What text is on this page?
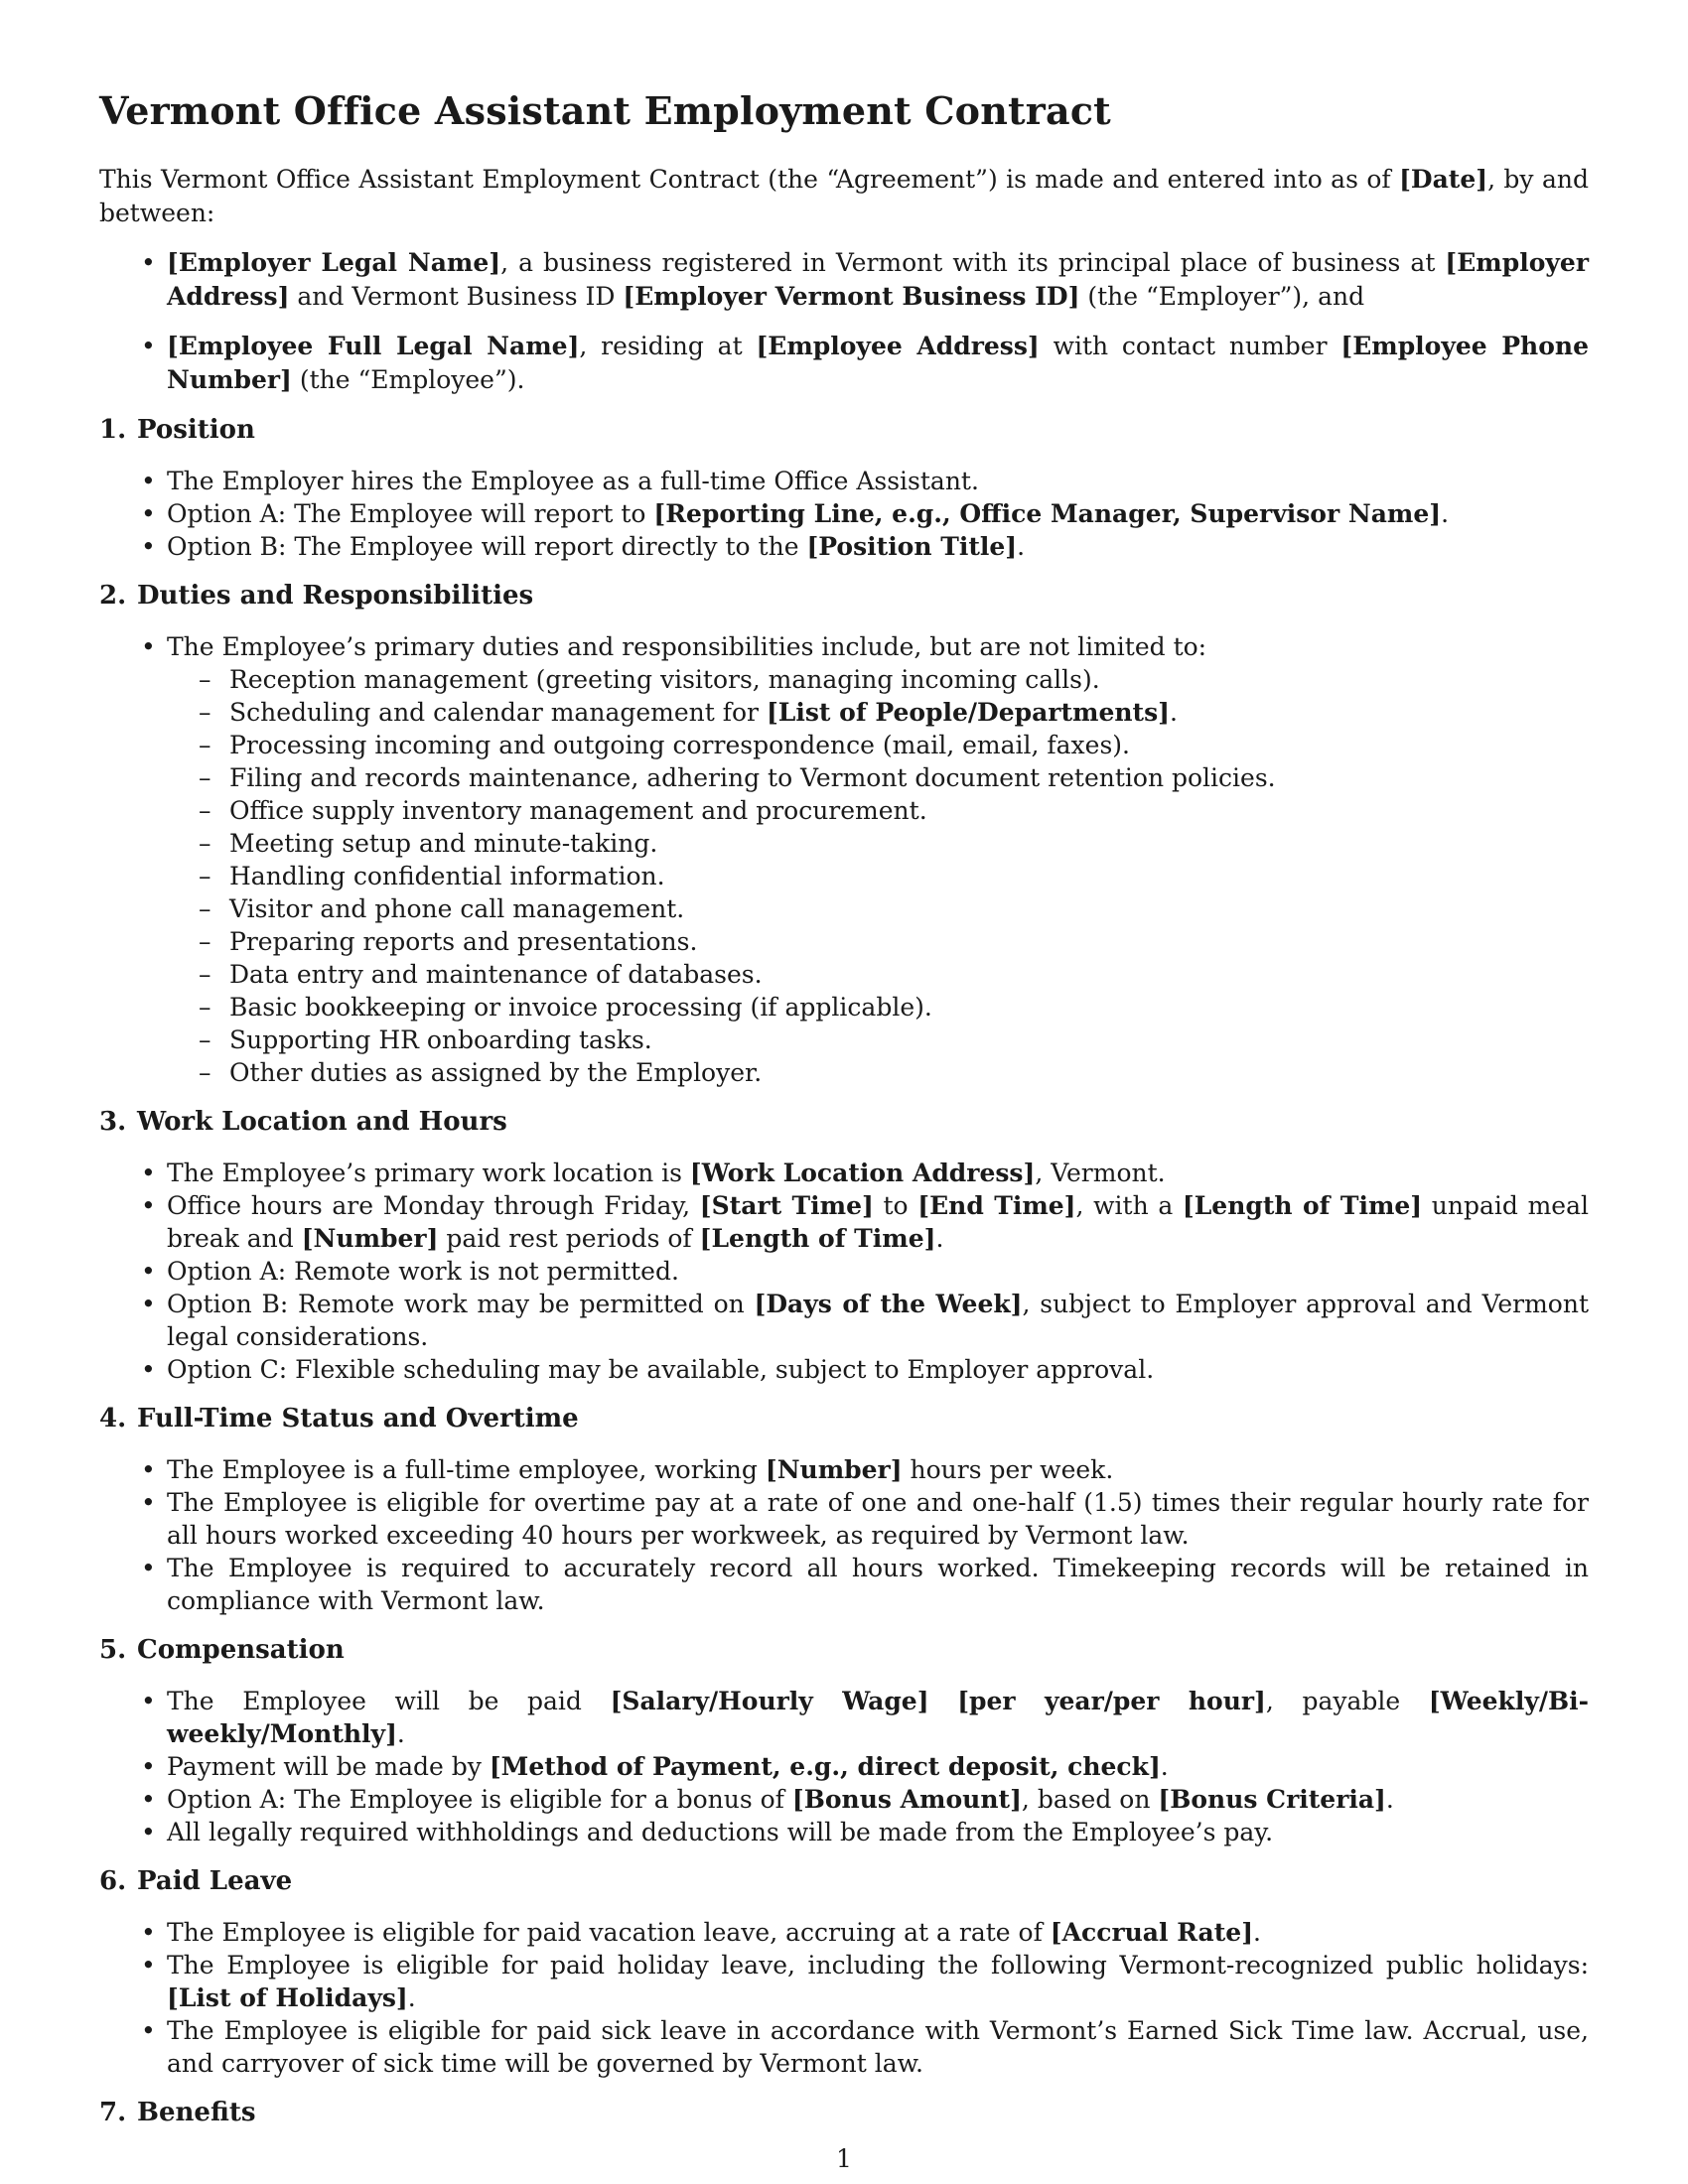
Vermont Office Assistant Employment Contract

This Vermont Office Assistant Employment Contract (the “Agreement”) is made and entered into as of [Date], by and between:

• [Employer Legal Name], a business registered in Vermont with its principal place of business at [Employer Address] and Vermont Business ID [Employer Vermont Business ID] (the “Employer”), and
• [Employee Full Legal Name], residing at [Employee Address] with contact number [Employee Phone Number] (the “Employee”).
1. Position
• The Employer hires the Employee as a full-time Office Assistant.
• Option A: The Employee will report to [Reporting Line, e.g., Office Manager, Supervisor Name].
• Option B: The Employee will report directly to the [Position Title].
2. Duties and Responsibilities
• The Employee’s primary duties and responsibilities include, but are not limited to:
– Reception management (greeting visitors, managing incoming calls).
– Scheduling and calendar management for [List of People/Departments].
– Processing incoming and outgoing correspondence (mail, email, faxes).
– Filing and records maintenance, adhering to Vermont document retention policies.
– Office supply inventory management and procurement.
– Meeting setup and minute-taking.
– Handling confidential information.
– Visitor and phone call management.
– Preparing reports and presentations.
– Data entry and maintenance of databases.
– Basic bookkeeping or invoice processing (if applicable).
– Supporting HR onboarding tasks.
– Other duties as assigned by the Employer.
3. Work Location and Hours
• The Employee’s primary work location is [Work Location Address], Vermont.
• Office hours are Monday through Friday, [Start Time] to [End Time], with a [Length of Time] unpaid meal break and [Number] paid rest periods of [Length of Time].
• Option A: Remote work is not permitted.
• Option B: Remote work may be permitted on [Days of the Week], subject to Employer approval and Vermont legal considerations.
• Option C: Flexible scheduling may be available, subject to Employer approval.
4. Full-Time Status and Overtime
• The Employee is a full-time employee, working [Number] hours per week.
• The Employee is eligible for overtime pay at a rate of one and one-half (1.5) times their regular hourly rate for all hours worked exceeding 40 hours per workweek, as required by Vermont law.
• The Employee is required to accurately record all hours worked. Timekeeping records will be retained in compliance with Vermont law.
5. Compensation
• The Employee will be paid [Salary/Hourly Wage] [per year/per hour], payable [Weekly/Bi-weekly/Monthly].
• Payment will be made by [Method of Payment, e.g., direct deposit, check].
• Option A: The Employee is eligible for a bonus of [Bonus Amount], based on [Bonus Criteria].
• All legally required withholdings and deductions will be made from the Employee’s pay.
6. Paid Leave
• The Employee is eligible for paid vacation leave, accruing at a rate of [Accrual Rate].
• The Employee is eligible for paid holiday leave, including the following Vermont-recognized public holidays: [List of Holidays].
• The Employee is eligible for paid sick leave in accordance with Vermont’s Earned Sick Time law. Accrual, use, and carryover of sick time will be governed by Vermont law.
7. Benefits
1
